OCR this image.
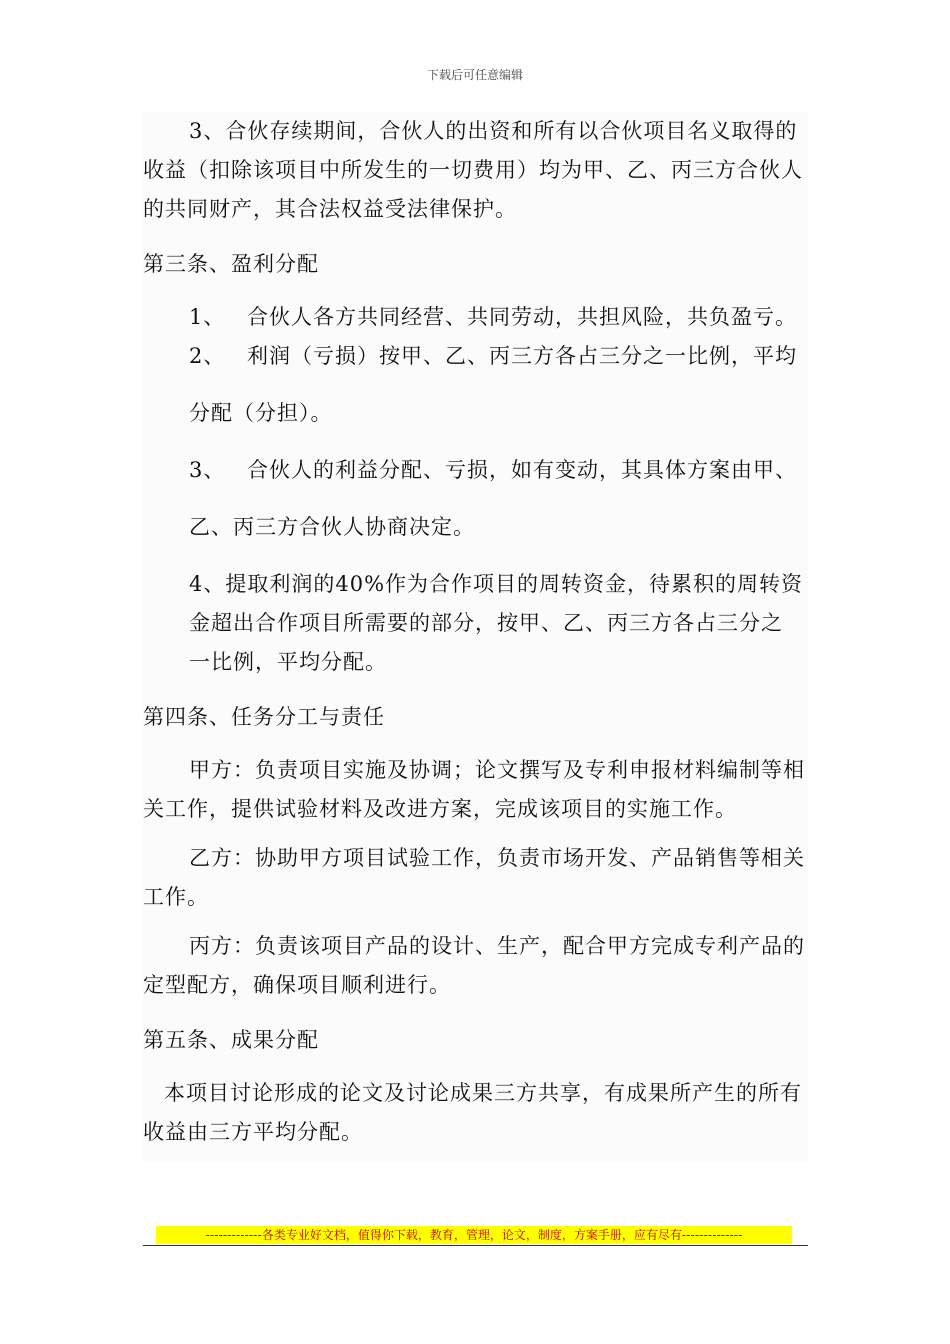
下载后可任意编辑

3、合伙存续期间，合伙人的出资和所有以合伙项目名义取得的收益（扣除该项目中所发生的一切费用）均为甲、乙、丙三方合伙人的共同财产，其合法权益受法律保护。

第三条、盈利分配

1、	合伙人各方共同经营、共同劳动，共担风险，共负盈亏。
2、	利润（亏损）按甲、乙、丙三方各占三分之一比例，平均

分配（分担）。

3、	合伙人的利益分配、亏损，如有变动，其具体方案由甲、

乙、丙三方合伙人协商决定。

4、提取利润的40%作为合作项目的周转资金，待累积的周转资

金超出合作项目所需要的部分，按甲、乙、丙三方各占三分之

一比例，平均分配。

第四条、任务分工与责任

甲方：负责项目实施及协调；论文撰写及专利申报材料编制等相关工作，提供试验材料及改进方案，完成该项目的实施工作。

乙方：协助甲方项目试验工作，负责市场开发、产品销售等相关工作。

丙方：负责该项目产品的设计、生产，配合甲方完成专利产品的定型配方，确保项目顺利进行。

第五条、成果分配

本项目讨论形成的论文及讨论成果三方共享，有成果所产生的所有收益由三方平均分配。

-------------各类专业好文档，值得你下载，教育，管理，论文，制度，方案手册，应有尽有--------------
